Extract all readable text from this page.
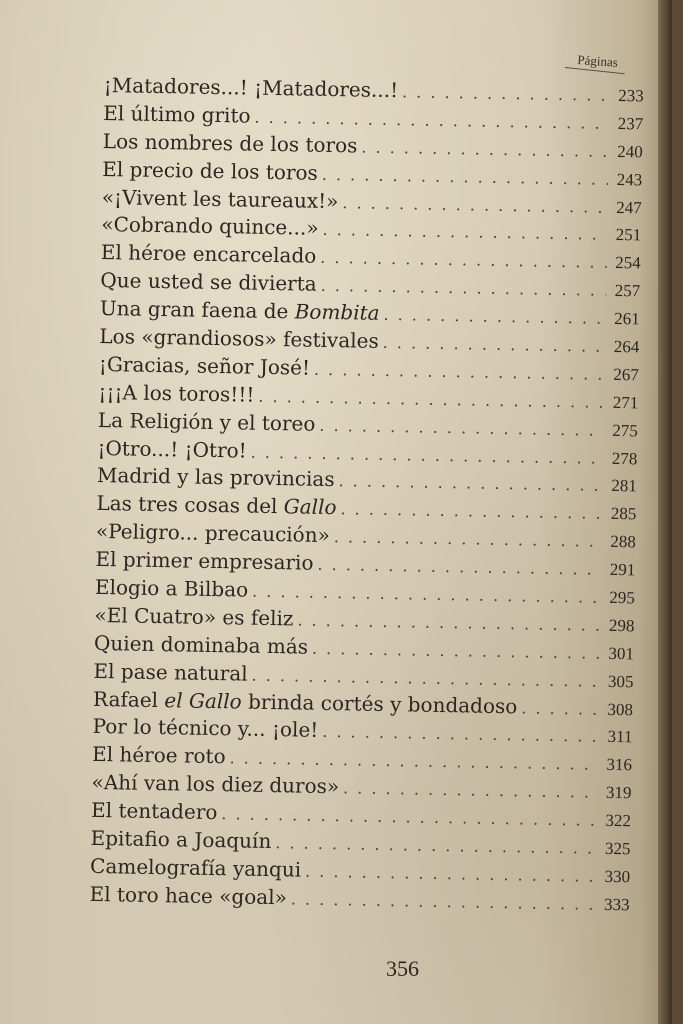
Páginas
¡Matadores...! ¡Matadores...! . . .	233
El último grito . . .	237
Los nombres de los toros . . .	240
El precio de los toros . . .	243
«¡Vivent les taureaux!» . . .	247
«Cobrando quince...» . . .	251
El héroe encarcelado . . .	254
Que usted se divierta . . .	257
Una gran faena de Bombita . . .	261
Los «grandiosos» festivales . . .	264
¡Gracias, señor José! . . .	267
¡¡¡A los toros!!! . . .	271
La Religión y el toreo . . .	275
¡Otro...! ¡Otro! . . .	278
Madrid y las provincias . . .	281
Las tres cosas del Gallo . . .	285
«Peligro... precaución» . . .	288
El primer empresario . . .	291
Elogio a Bilbao . . .	295
«El Cuatro» es feliz . . .	298
Quien dominaba más . . .	301
El pase natural . . .	305
Rafael el Gallo brinda cortés y bondadoso . . .	308
Por lo técnico y... ¡ole! . . .	311
El héroe roto . . .	316
«Ahí van los diez duros» . . .	319
El tentadero . . .	322
Epitafio a Joaquín . . .	325
Camelografía yanqui . . .	330
El toro hace «goal» . . .	333
356
